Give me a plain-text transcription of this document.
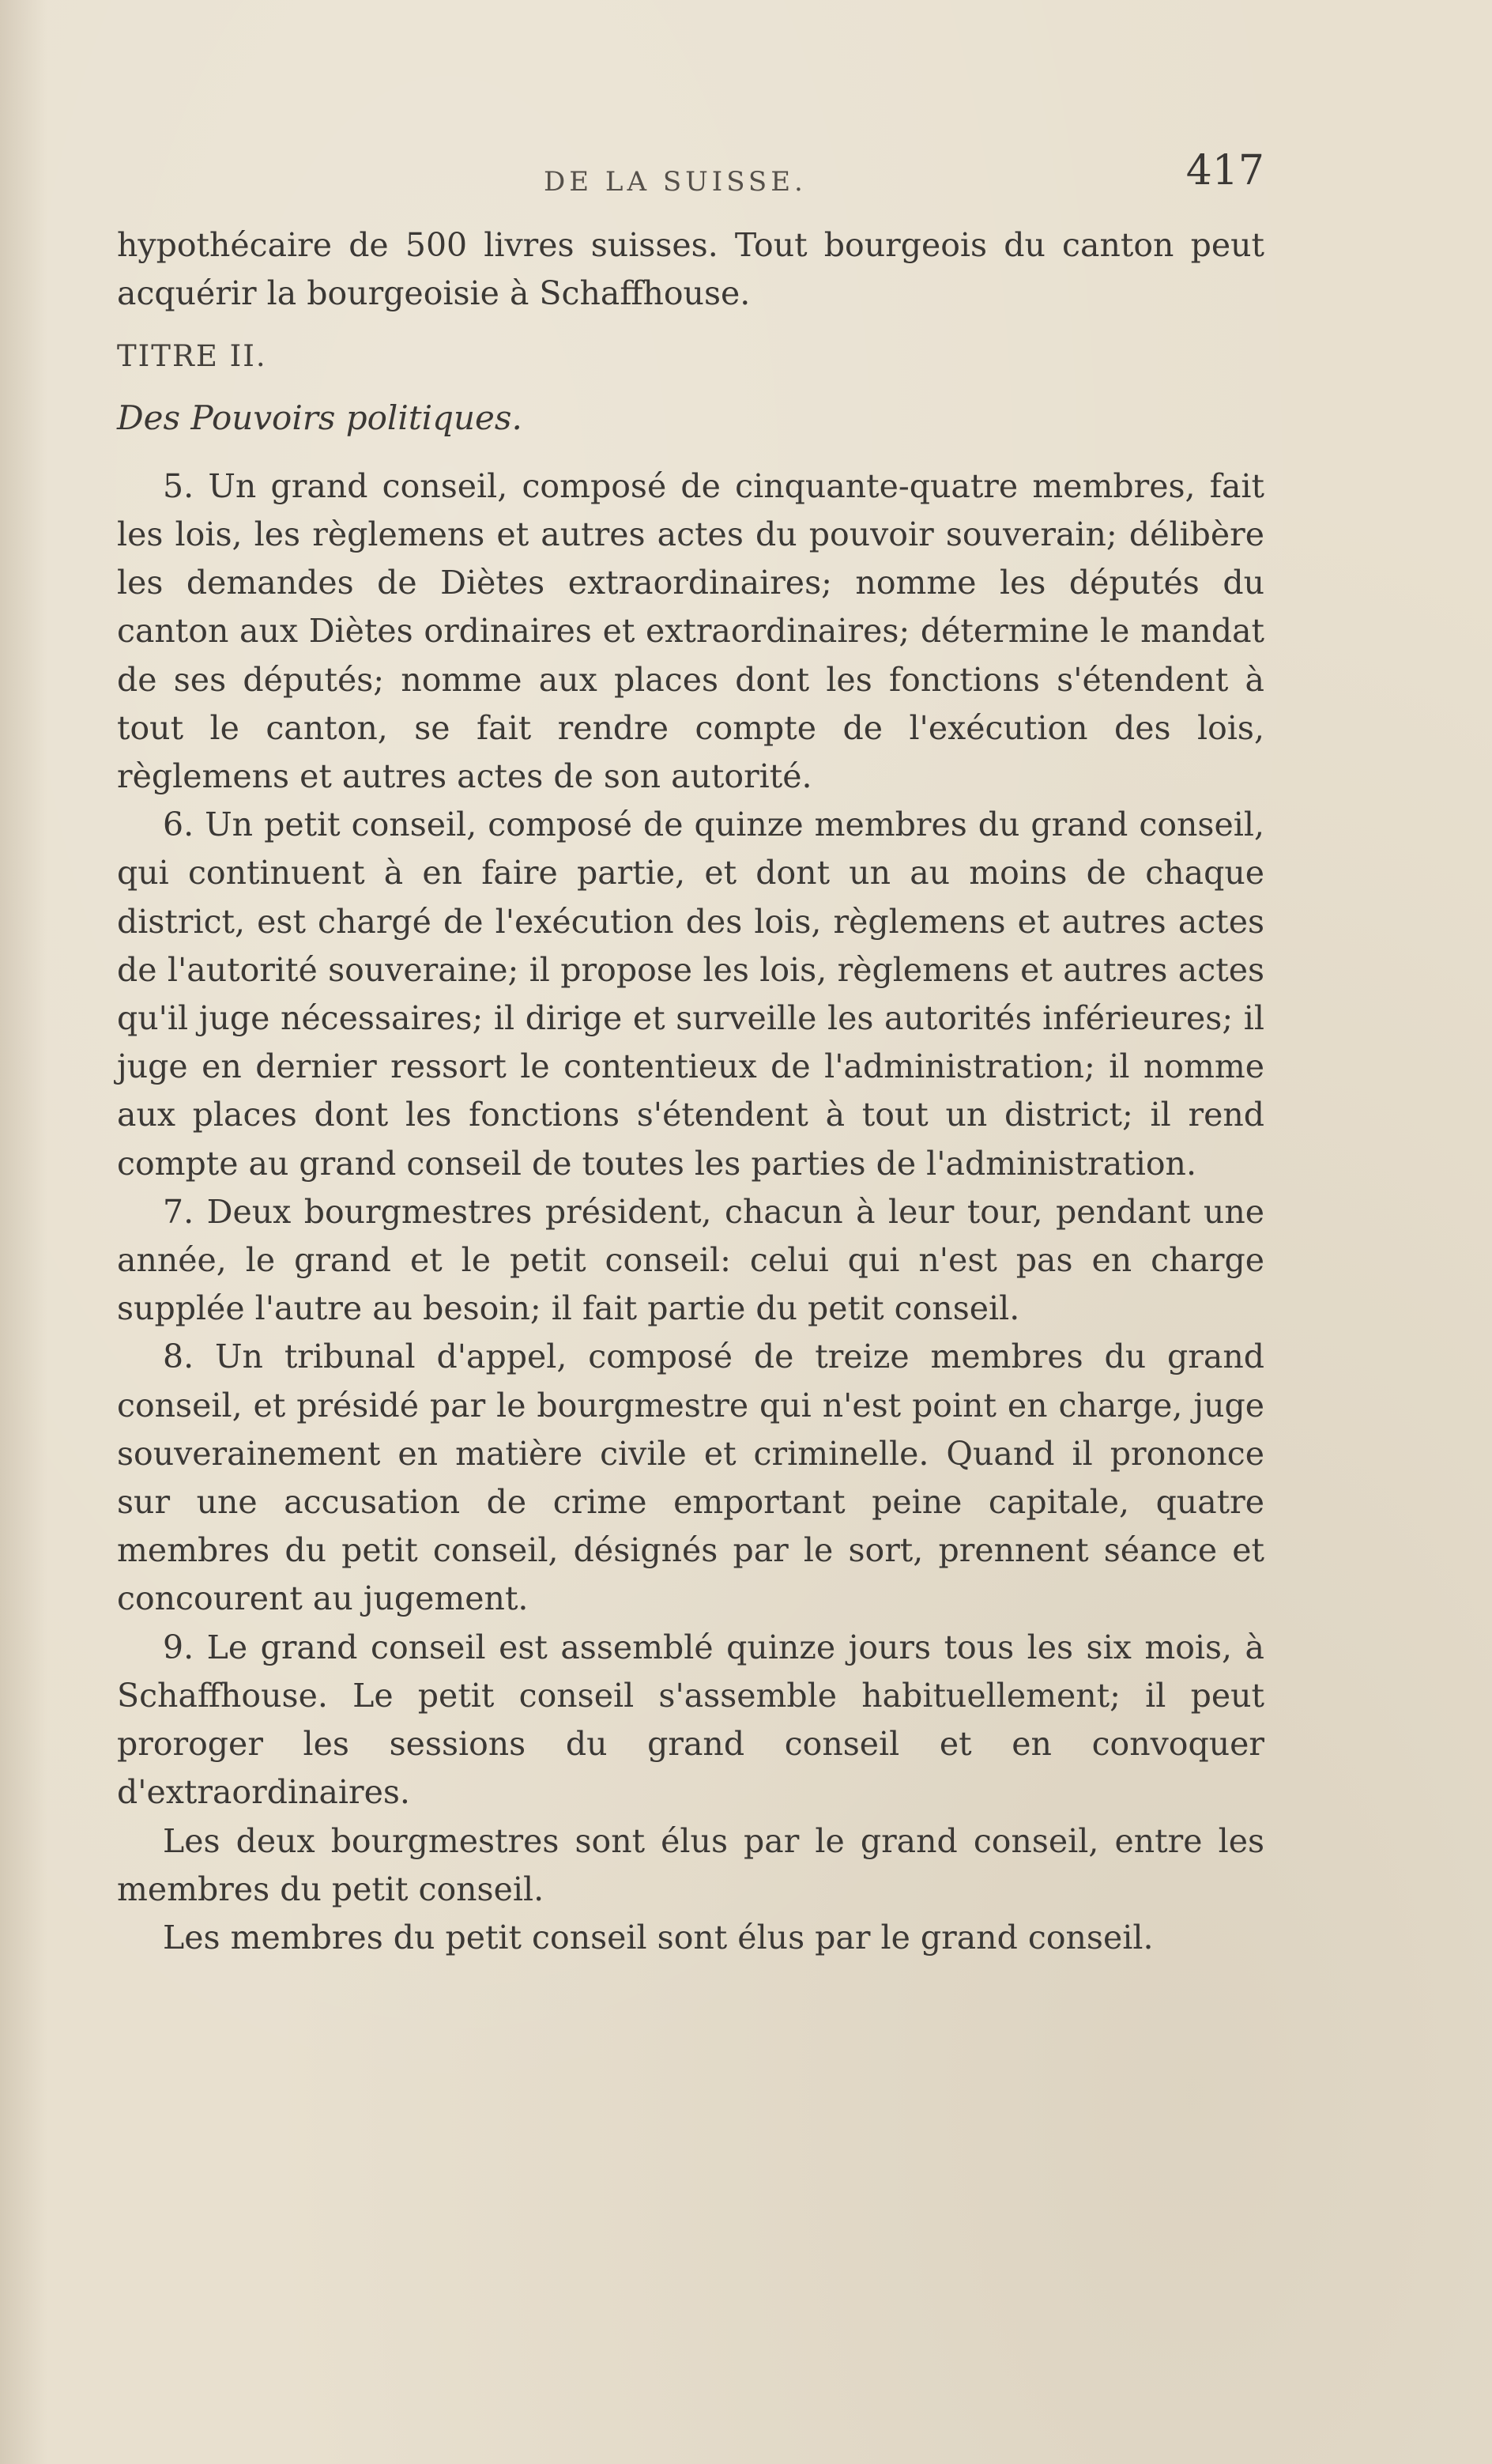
DE LA SUISSE.	417

hypothécaire de 500 livres suisses. Tout bourgeois du canton peut acquérir la bourgeoisie à Schaffhouse.

TITRE II.

Des Pouvoirs politiques.

5. Un grand conseil, composé de cinquante-quatre membres, fait les lois, les règlemens et autres actes du pouvoir souverain; délibère les demandes de Diètes extraordinaires; nomme les députés du canton aux Diètes ordinaires et extraordinaires; détermine le mandat de ses députés; nomme aux places dont les fonctions s'étendent à tout le canton, se fait rendre compte de l'exécution des lois, règlemens et autres actes de son autorité.

6. Un petit conseil, composé de quinze membres du grand conseil, qui continuent à en faire partie, et dont un au moins de chaque district, est chargé de l'exécution des lois, règlemens et autres actes de l'autorité souveraine; il propose les lois, règlemens et autres actes qu'il juge nécessaires; il dirige et surveille les autorités inférieures; il juge en dernier ressort le contentieux de l'administration; il nomme aux places dont les fonctions s'étendent à tout un district; il rend compte au grand conseil de toutes les parties de l'administration.

7. Deux bourgmestres président, chacun à leur tour, pendant une année, le grand et le petit conseil: celui qui n'est pas en charge supplée l'autre au besoin; il fait partie du petit conseil.

8. Un tribunal d'appel, composé de treize membres du grand conseil, et présidé par le bourgmestre qui n'est point en charge, juge souverainement en matière civile et criminelle. Quand il prononce sur une accusation de crime emportant peine capitale, quatre membres du petit conseil, désignés par le sort, prennent séance et concourent au jugement.

9. Le grand conseil est assemblé quinze jours tous les six mois, à Schaffhouse. Le petit conseil s'assemble habituellement; il peut proroger les sessions du grand conseil et en convoquer d'extraordinaires.

Les deux bourgmestres sont élus par le grand conseil, entre les membres du petit conseil.

Les membres du petit conseil sont élus par le grand conseil.
